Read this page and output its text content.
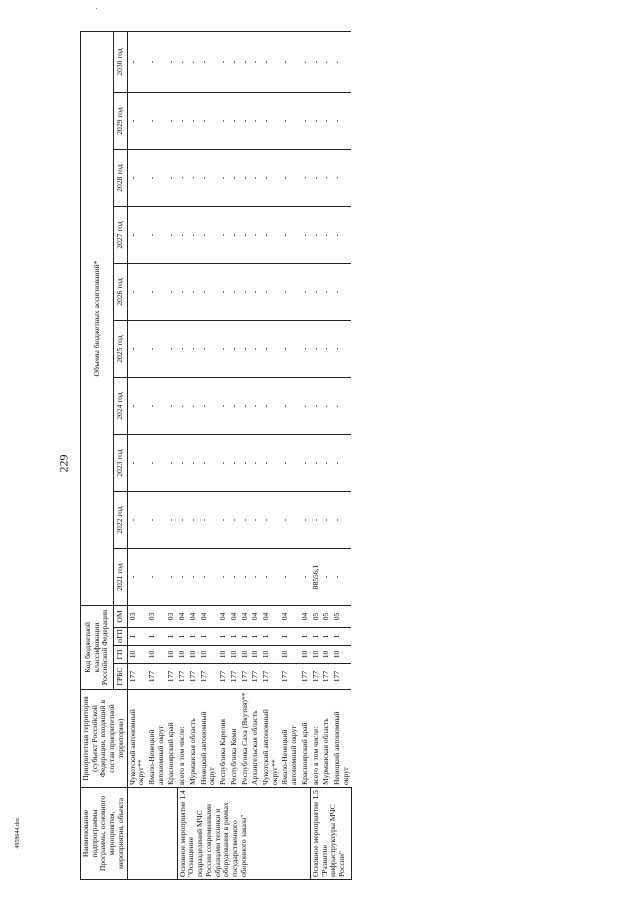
229
4958644.doc	Наименование подпрограммы Программы, основного мероприятия, мероприятия, объекта	Приоритетная территория (субъект Российской Федерации, входящий в состав приоритетной территории)	Код бюджетной классификации Российской Федерации				Объемы бюджетных ассигнований*									
		ГРБС	ГП	пГП	ОМ	2021 год	2022 год	2023 год	2024 год	2025 год	2026 год	2027 год	2028 год	2029 год	2030 год
	Чукотский автономный округ**	177	10	1	03	-	-	-	-	-	-	-	-	-	-
	Ямало-Ненецкий автономный округ	177	10	1	03	-	-	-	-	-	-	-	-	-	-
	Красноярский край	177	10	1	03	-	-	-	-	-	-	-	-	-	-
Основное мероприятие 1.4 "Оснащение подразделений МЧС России современными образцами техники и оборудования в рамках государственного оборонного заказа"	всего в том числе:	177	10	1	04	-	-	-	-	-	-	-	-	-	-
	Мурманская область	177	10	1	04	-	-	-	-	-	-	-	-	-	-
	Ненецкий автономный округ	177	10	1	04	-	-	-	-	-	-	-	-	-	-
	Республика Карелия	177	10	1	04	-	-	-	-	-	-	-	-	-	-
	Республика Коми	177	10	1	04	-	-	-	-	-	-	-	-	-	-
	Республика Саха (Якутия)**	177	10	1	04	-	-	-	-	-	-	-	-	-	-
	Архангельская область	177	10	1	04	-	-	-	-	-	-	-	-	-	-
	Чукотский автономный округ**	177	10	1	04	-	-	-	-	-	-	-	-	-	-
	Ямало-Ненецкий автономный округ	177	10	1	04	-	-	-	-	-	-	-	-	-	-
	Красноярский край	177	10	1	04	-	-	-	-	-	-	-	-	-	-
Основное мероприятие 1.5 "Развитие инфраструктуры МЧС России"	всего в том числе:	177	10	1	05	88556,1	-	-	-	-	-	-	-	-	-
	Мурманская область	177	10	1	05	-	-	-	-	-	-	-	-	-	-
	Ненецкий автономный округ	177	10	1	05	-	-	-	-	-	-	-	-	-	-
